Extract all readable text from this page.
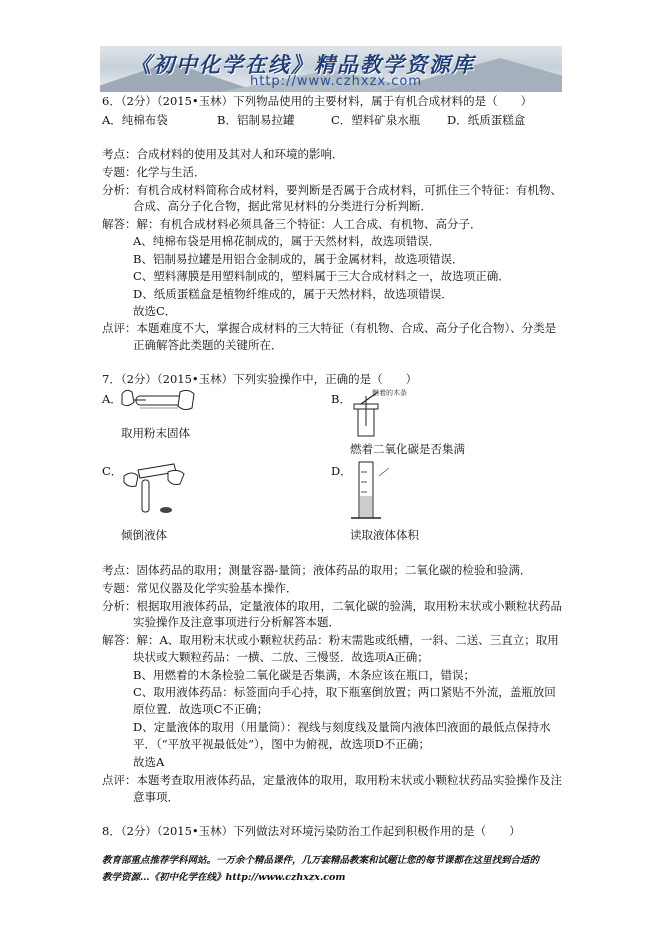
《初中化学在线》精品教学资源库
http://www.czhxzx.com
6．（2分）（2015•玉林）下列物品使用的主要材料，属于有机合成材料的是（　　）
A．纯棉布袋	B．铝制易拉罐	C．塑料矿泉水瓶 D．纸质蛋糕盒
考点：合成材料的使用及其对人和环境的影响．
专题：化学与生活．
分析：有机合成材料简称合成材料，要判断是否属于合成材料，可抓住三个特征：有机物、
合成、高分子化合物，据此常见材料的分类进行分析判断．
解答：解：有机合成材料必须具备三个特征：人工合成、有机物、高分子．
A、纯棉布袋是用棉花制成的，属于天然材料，故选项错误．
B、铝制易拉罐是用铝合金制成的，属于金属材料，故选项错误．
C、塑料薄膜是用塑料制成的，塑料属于三大合成材料之一，故选项正确．
D、纸质蛋糕盒是植物纤维成的，属于天然材料，故选项错误．
故选C．
点评：本题难度不大，掌握合成材料的三大特征（有机物、合成、高分子化合物）、分类是
正确解答此类题的关键所在．
7．（2分）（2015•玉林）下列实验操作中，正确的是（　　）
A．	B．
C．	D．
燃着的木条
取用粉末固体
燃着二氧化碳是否集满
倾倒液体	读取液体体积
考点：固体药品的取用；测量容器-量筒；液体药品的取用；二氧化碳的检验和验满．
专题：常见仪器及化学实验基本操作．
分析：根据取用液体药品，定量液体的取用，二氧化碳的验满，取用粉末状或小颗粒状药品
实验操作及注意事项进行分析解答本题．
解答：解：A、取用粉末状或小颗粒状药品：粉末需匙或纸槽，一斜、二送、三直立；取用
块状或大颗粒药品：一横、二放、三慢竖．故选项A正确；
B、用燃着的木条检验二氧化碳是否集满，木条应该在瓶口，错误；
C、取用液体药品：标签面向手心持，取下瓶塞倒放置；两口紧贴不外流，盖瓶放回
原位置．故选项C不正确；
D、定量液体的取用（用量筒）：视线与刻度线及量筒内液体凹液面的最低点保持水
平．（“平放平视最低处”），图中为俯视，故选项D不正确；
故选A
点评：本题考查取用液体药品，定量液体的取用，取用粉末状或小颗粒状药品实验操作及注
意事项．
8．（2分）（2015•玉林）下列做法对环境污染防治工作起到积极作用的是（　　）
教育部重点推荐学科网站。一万余个精品课件，几万套精品教案和试题让您的每节课都在这里找到合适的
教学资源…《初中化学在线》http://www.czhxzx.com
